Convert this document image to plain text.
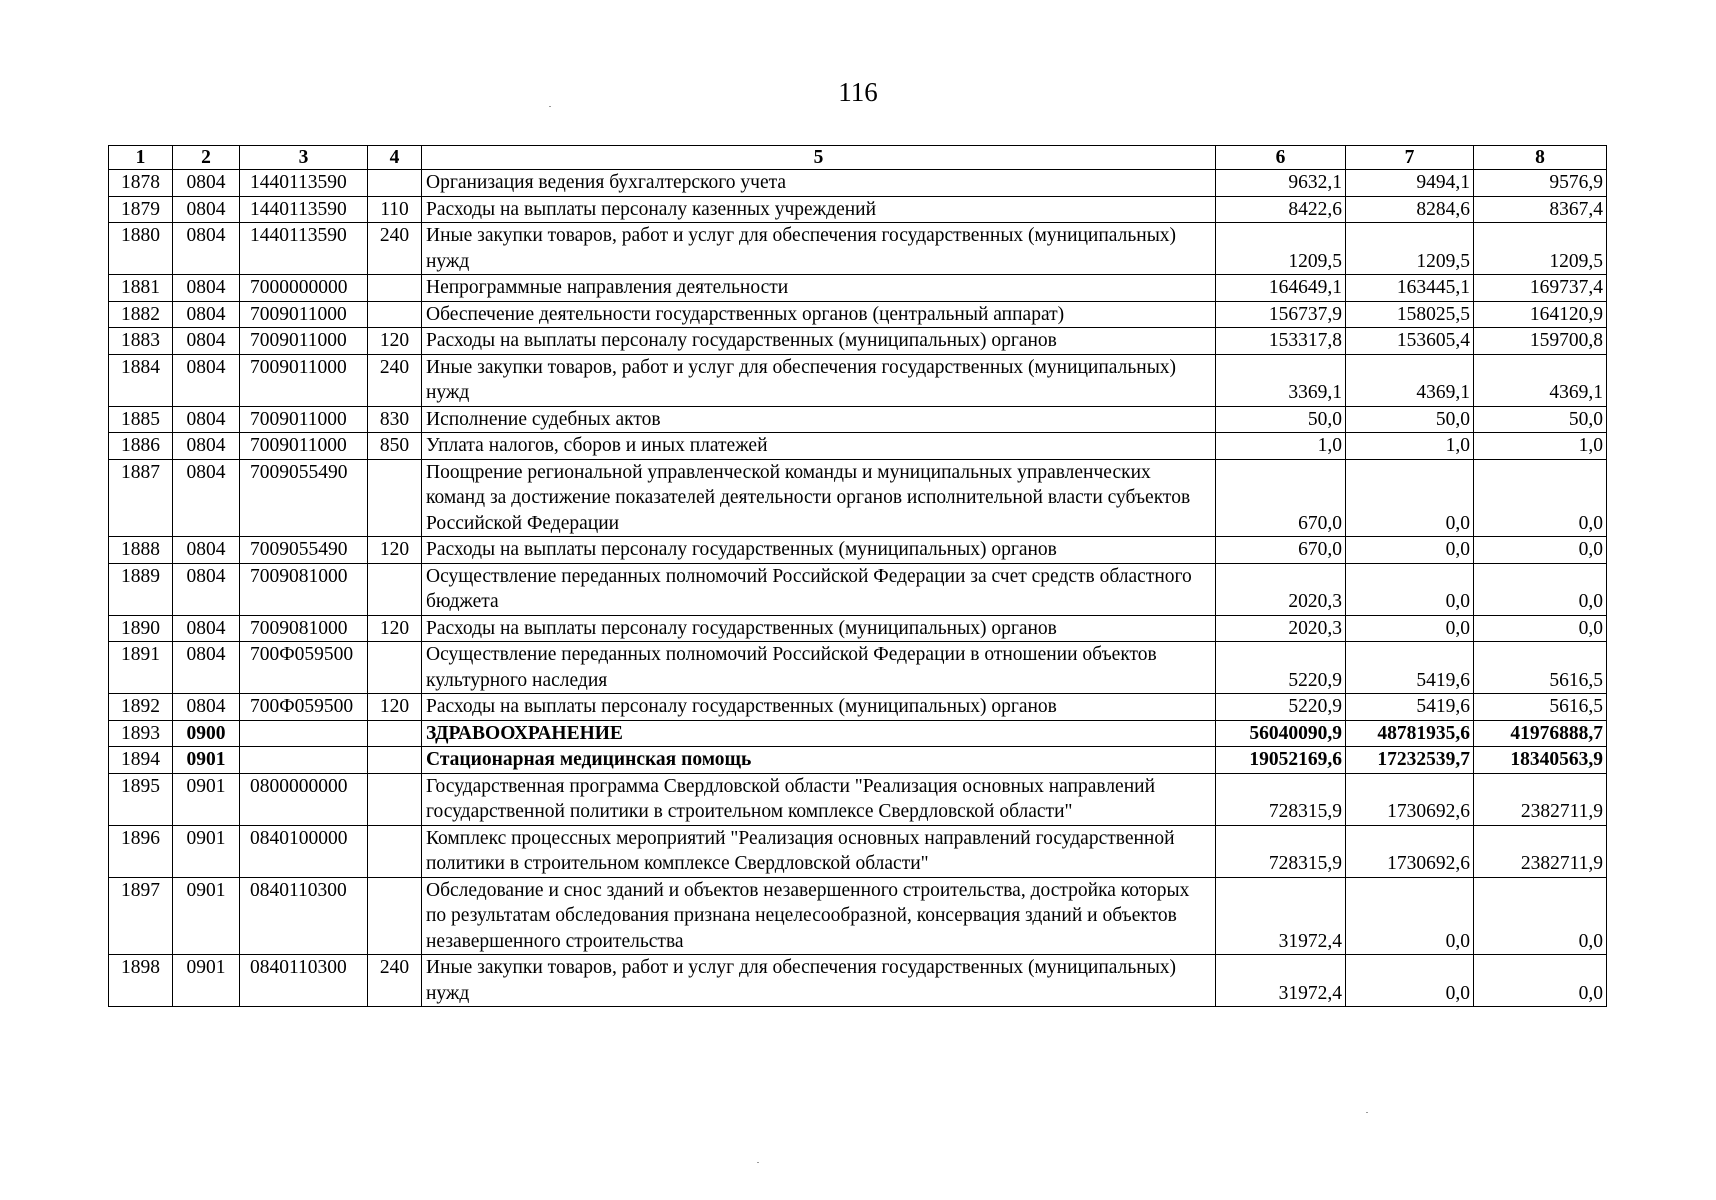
116
1	2	3	4	5	6	7	8
1878	0804	1440113590		Организация ведения бухгалтерского учета	9632,1	9494,1	9576,9
1879	0804	1440113590	110	Расходы на выплаты персоналу казенных учреждений	8422,6	8284,6	8367,4
1880	0804	1440113590	240	Иные закупки товаров, работ и услуг для обеспечения государственных (муниципальных) нужд	1209,5	1209,5	1209,5
1881	0804	7000000000		Непрограммные направления деятельности	164649,1	163445,1	169737,4
1882	0804	7009011000		Обеспечение деятельности государственных органов (центральный аппарат)	156737,9	158025,5	164120,9
1883	0804	7009011000	120	Расходы на выплаты персоналу государственных (муниципальных) органов	153317,8	153605,4	159700,8
1884	0804	7009011000	240	Иные закупки товаров, работ и услуг для обеспечения государственных (муниципальных) нужд	3369,1	4369,1	4369,1
1885	0804	7009011000	830	Исполнение судебных актов	50,0	50,0	50,0
1886	0804	7009011000	850	Уплата налогов, сборов и иных платежей	1,0	1,0	1,0
1887	0804	7009055490		Поощрение региональной управленческой команды и муниципальных управленческих команд за достижение показателей деятельности органов исполнительной власти субъектов Российской Федерации	670,0	0,0	0,0
1888	0804	7009055490	120	Расходы на выплаты персоналу государственных (муниципальных) органов	670,0	0,0	0,0
1889	0804	7009081000		Осуществление переданных полномочий Российской Федерации за счет средств областного бюджета	2020,3	0,0	0,0
1890	0804	7009081000	120	Расходы на выплаты персоналу государственных (муниципальных) органов	2020,3	0,0	0,0
1891	0804	700Ф059500		Осуществление переданных полномочий Российской Федерации в отношении объектов культурного наследия	5220,9	5419,6	5616,5
1892	0804	700Ф059500	120	Расходы на выплаты персоналу государственных (муниципальных) органов	5220,9	5419,6	5616,5
1893	0900			ЗДРАВООХРАНЕНИЕ	56040090,9	48781935,6	41976888,7
1894	0901			Стационарная медицинская помощь	19052169,6	17232539,7	18340563,9
1895	0901	0800000000		Государственная программа Свердловской области "Реализация основных направлений государственной политики в строительном комплексе Свердловской области"	728315,9	1730692,6	2382711,9
1896	0901	0840100000		Комплекс процессных мероприятий "Реализация основных направлений государственной политики в строительном комплексе Свердловской области"	728315,9	1730692,6	2382711,9
1897	0901	0840110300		Обследование и снос зданий и объектов незавершенного строительства, достройка которых по результатам обследования признана нецелесообразной, консервация зданий и объектов незавершенного строительства	31972,4	0,0	0,0
1898	0901	0840110300	240	Иные закупки товаров, работ и услуг для обеспечения государственных (муниципальных) нужд	31972,4	0,0	0,0
